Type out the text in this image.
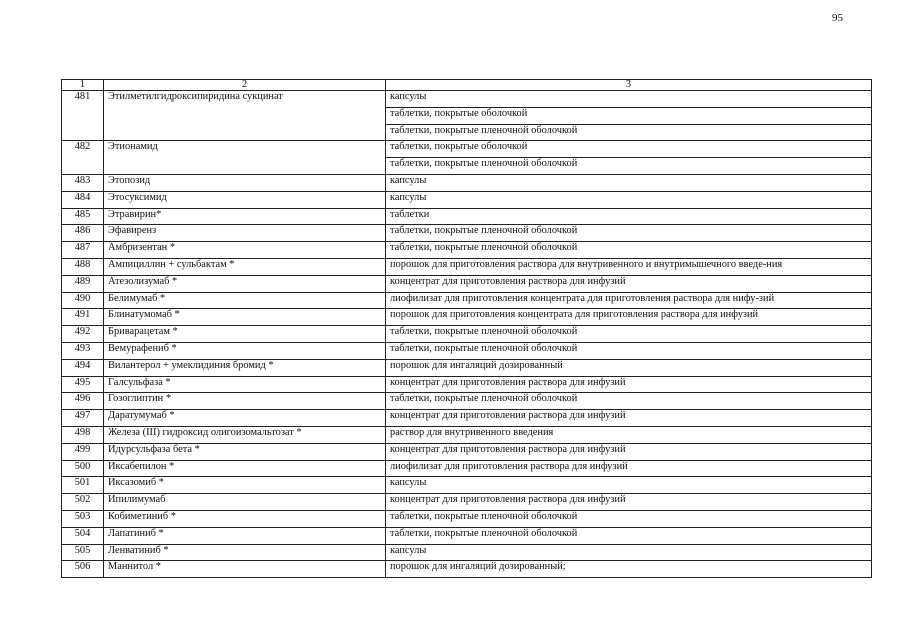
95
1	2	3
481	Этилметилгидроксипиридина сукцинат	капсулы
		таблетки, покрытые оболочкой
		таблетки, покрытые пленочной оболочкой
482	Этионамид	таблетки, покрытые оболочкой
		таблетки, покрытые пленочной оболочкой
483	Этопозид	капсулы
484	Этосуксимид	капсулы
485	Этравирин*	таблетки
486	Эфавиренз	таблетки, покрытые пленочной оболочкой
487	Амбризентан *	таблетки, покрытые пленочной оболочкой
488	Ампициллин + сульбактам *	порошок для приготовления раствора для внутривенного и внутримышечного введе-ния
489	Атезолизумаб *	концентрат для приготовления раствора для инфузий
490	Белимумаб *	лиофилизат для приготовления концентрата для приготовления раствора для нифу-зий
491	Блинатумомаб *	порошок для приготовления концентрата для приготовления раствора для инфузий
492	Бриварацетам *	таблетки, покрытые пленочной оболочкой
493	Вемурафениб *	таблетки, покрытые пленочной оболочкой
494	Вилантерол + умеклидиния бромид *	порошок для ингаляций дозированный
495	Галсульфаза *	концентрат для приготовления раствора для инфузий
496	Гозоглиптин *	таблетки, покрытые пленочной оболочкой
497	Даратумумаб *	концентрат для приготовления раствора для инфузий
498	Железа (III) гидроксид олигоизомальтозат *	раствор для внутривенного введения
499	Идурсульфаза бета *	концентрат для приготовления раствора для инфузий
500	Иксабепилон *	лиофилизат для приготовления раствора для инфузий
501	Иксазомиб *	капсулы
502	Ипилимумаб	концентрат для приготовления раствора для инфузий
503	Кобиметиниб *	таблетки, покрытые пленочной оболочкой
504	Лапатиниб *	таблетки, покрытые пленочной оболочкой
505	Ленватиниб *	капсулы
506	Маннитол *	порошок для ингаляций дозированный;
